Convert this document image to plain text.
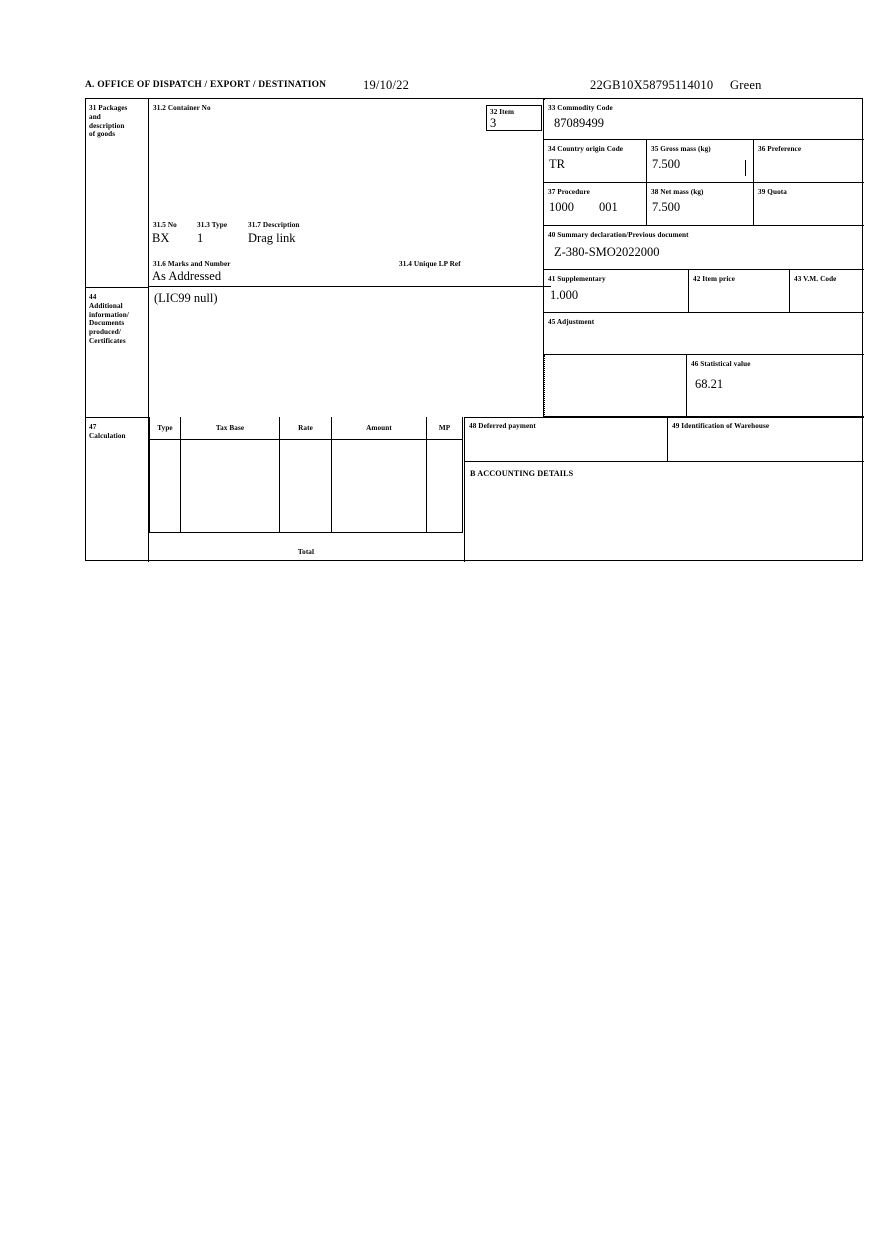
A. OFFICE OF DISPATCH / EXPORT / DESTINATION	19/10/22	22GB10X58795114010 Green
31 Packages
and
description
of goods
31.2 Container No
31.5 No	31.3 Type	31.7 Description
BX 1	Drag link
31.6 Marks and Number	31.4 Unique LP Ref
As Addressed
32 Item
3
33 Commodity Code
87089499
34 Country origin Code
TR
35 Gross mass (kg)
7.500
36 Preference
37 Procedure
1000 001
38 Net mass (kg)
7.500
39 Quota
40 Summary declaration/Previous document
Z-380-SMO2022000
41 Supplementary
1.000
42 Item price	43 V.M. Code
44
Additional
information/
Documents
produced/
Certificates
(LIC99 null)
45 Adjustment
46 Statistical value
68.21
47
Calculation
Type	Tax Base	Rate	Amount	MP
Total
48 Deferred payment	49 Identification of Warehouse
B ACCOUNTING DETAILS
